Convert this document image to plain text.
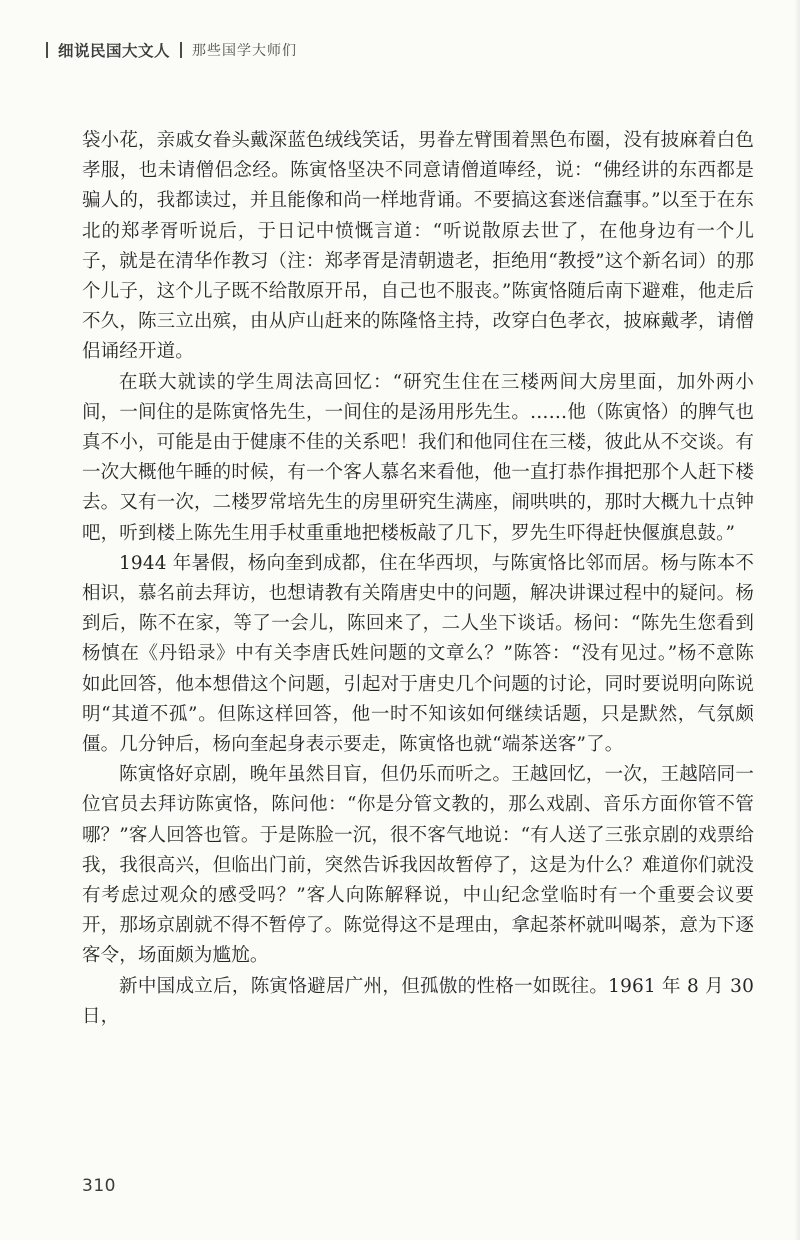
细说民国大文人 那些国学大师们

袋小花，亲戚女眷头戴深蓝色绒线笑话，男眷左臂围着黑色布圈，没有披麻着白色孝服，也未请僧侣念经。陈寅恪坚决不同意请僧道唪经，说：“佛经讲的东西都是骗人的，我都读过，并且能像和尚一样地背诵。不要搞这套迷信蠢事。”以至于在东北的郑孝胥听说后，于日记中愤慨言道：“听说散原去世了，在他身边有一个儿子，就是在清华作教习（注：郑孝胥是清朝遗老，拒绝用“教授”这个新名词）的那个儿子，这个儿子既不给散原开吊，自己也不服丧。”陈寅恪随后南下避难，他走后不久，陈三立出殡，由从庐山赶来的陈隆恪主持，改穿白色孝衣，披麻戴孝，请僧侣诵经开道。

在联大就读的学生周法高回忆：“研究生住在三楼两间大房里面，加外两小间，一间住的是陈寅恪先生，一间住的是汤用彤先生。……他（陈寅恪）的脾气也真不小，可能是由于健康不佳的关系吧！我们和他同住在三楼，彼此从不交谈。有一次大概他午睡的时候，有一个客人慕名来看他，他一直打恭作揖把那个人赶下楼去。又有一次，二楼罗常培先生的房里研究生满座，闹哄哄的，那时大概九十点钟吧，听到楼上陈先生用手杖重重地把楼板敲了几下，罗先生吓得赶快偃旗息鼓。”

1944 年暑假，杨向奎到成都，住在华西坝，与陈寅恪比邻而居。杨与陈本不相识，慕名前去拜访，也想请教有关隋唐史中的问题，解决讲课过程中的疑问。杨到后，陈不在家，等了一会儿，陈回来了，二人坐下谈话。杨问：“陈先生您看到杨慎在《丹铅录》中有关李唐氏姓问题的文章么？”陈答：“没有见过。”杨不意陈如此回答，他本想借这个问题，引起对于唐史几个问题的讨论，同时要说明向陈说明“其道不孤”。但陈这样回答，他一时不知该如何继续话题，只是默然，气氛颇僵。几分钟后，杨向奎起身表示要走，陈寅恪也就“端茶送客”了。

陈寅恪好京剧，晚年虽然目盲，但仍乐而听之。王越回忆，一次，王越陪同一位官员去拜访陈寅恪，陈问他：“你是分管文教的，那么戏剧、音乐方面你管不管哪？”客人回答也管。于是陈脸一沉，很不客气地说：“有人送了三张京剧的戏票给我，我很高兴，但临出门前，突然告诉我因故暂停了，这是为什么？难道你们就没有考虑过观众的感受吗？”客人向陈解释说，中山纪念堂临时有一个重要会议要开，那场京剧就不得不暂停了。陈觉得这不是理由，拿起茶杯就叫喝茶，意为下逐客令，场面颇为尴尬。

新中国成立后，陈寅恪避居广州，但孤傲的性格一如既往。1961 年 8 月 30 日，

310
